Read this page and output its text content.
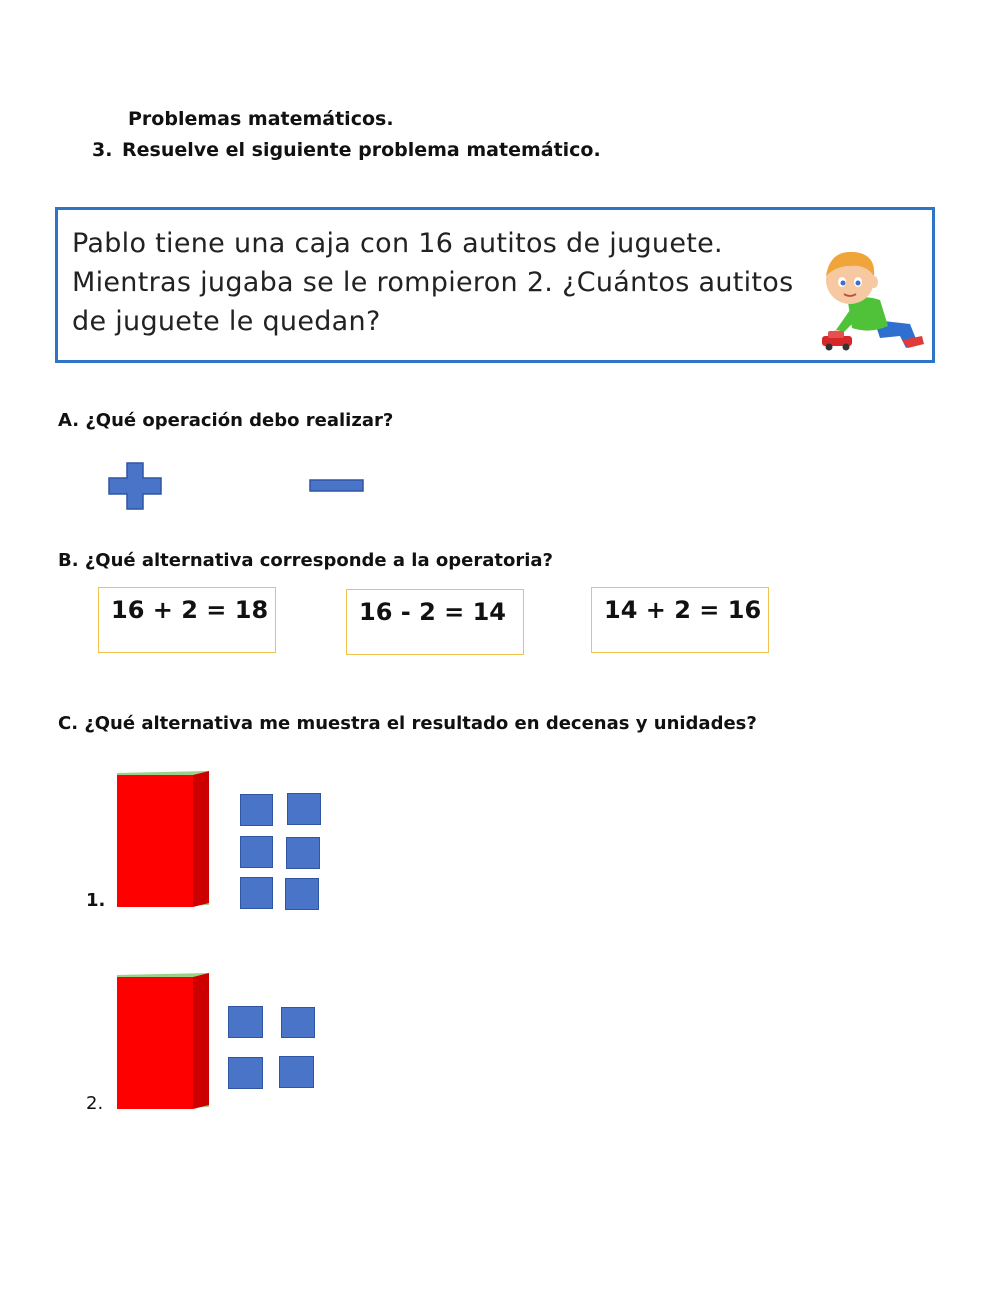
Problemas matemáticos.
3. Resuelve el siguiente problema matemático.
Pablo tiene una caja con 16 autitos de juguete. Mientras jugaba se le rompieron 2. ¿Cuántos autitos de juguete le quedan?
A. ¿Qué operación debo realizar?
B. ¿Qué alternativa corresponde a la operatoria?
16 + 2 = 18	16 - 2 = 14	14 + 2 = 16
C. ¿Qué alternativa me muestra el resultado en decenas y unidades?
1.
2.
